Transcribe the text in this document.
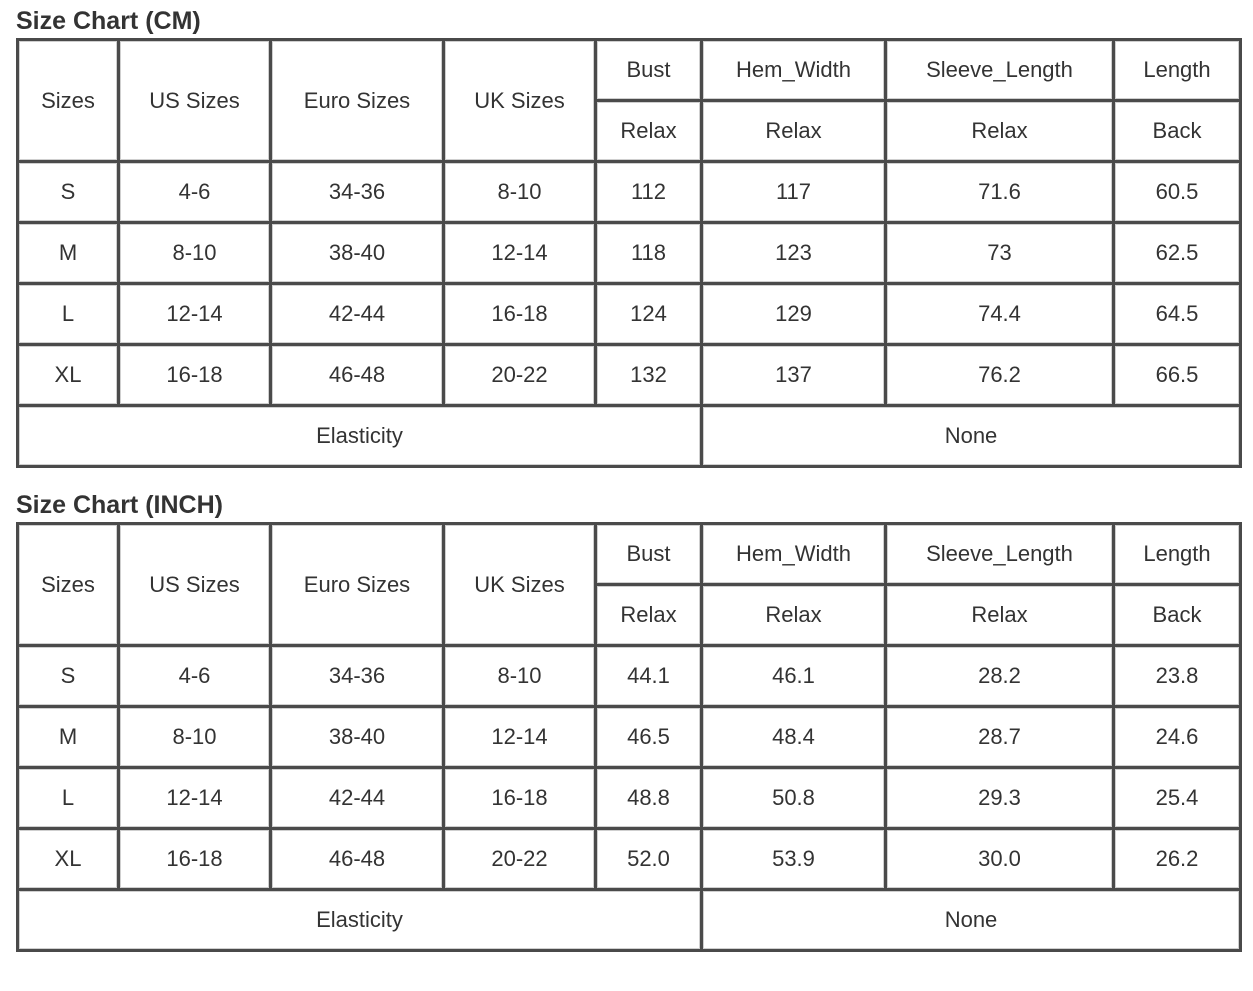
Size Chart (CM)
Sizes	US Sizes	Euro Sizes	UK Sizes	Bust	Hem_Width	Sleeve_Length	Length
				Relax	Relax	Relax	Back
S	4-6	34-36	8-10	112	117	71.6	60.5
M	8-10	38-40	12-14	118	123	73	62.5
L	12-14	42-44	16-18	124	129	74.4	64.5
XL	16-18	46-48	20-22	132	137	76.2	66.5
Elasticity					None		
Size Chart (INCH)
Sizes	US Sizes	Euro Sizes	UK Sizes	Bust	Hem_Width	Sleeve_Length	Length
				Relax	Relax	Relax	Back
S	4-6	34-36	8-10	44.1	46.1	28.2	23.8
M	8-10	38-40	12-14	46.5	48.4	28.7	24.6
L	12-14	42-44	16-18	48.8	50.8	29.3	25.4
XL	16-18	46-48	20-22	52.0	53.9	30.0	26.2
Elasticity					None		
